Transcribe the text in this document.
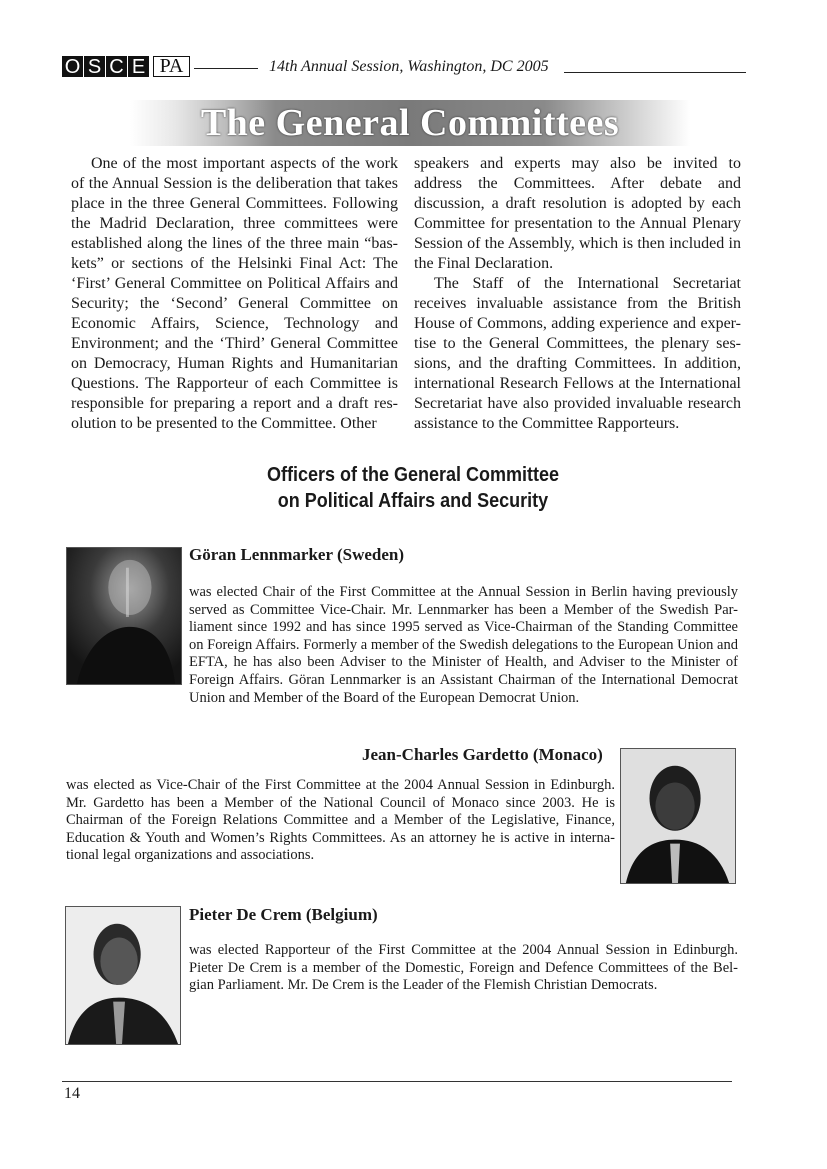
O S C E PA	14th Annual Session, Washington, DC 2005
The General Committees

One of the most important aspects of the work of the Annual Session is the deliberation that takes place in the three General Committees. Following the Madrid Declaration, three committees were established along the lines of the three main “bas-kets” or sections of the Helsinki Final Act: The ‘First’ General Committee on Political Affairs and Security; the ‘Second’ General Committee on Economic Affairs, Science, Technology and Environment; and the ‘Third’ General Committee on Democracy, Human Rights and Humanitarian Questions. The Rapporteur of each Committee is responsible for preparing a report and a draft res-olution to be presented to the Committee. Other

speakers and experts may also be invited to address the Committees. After debate and discussion, a draft resolution is adopted by each Committee for presentation to the Annual Plenary Session of the Assembly, which is then included in the Final Declaration.

The Staff of the International Secretariat receives invaluable assistance from the British House of Commons, adding experience and exper-tise to the General Committees, the plenary ses-sions, and the drafting Committees. In addition, international Research Fellows at the International Secretariat have also provided invaluable research assistance to the Committee Rapporteurs.

Officers of the General Committee
on Political Affairs and Security
Göran Lennmarker (Sweden)
was elected Chair of the First Committee at the Annual Session in Berlin having previously served as Committee Vice-Chair. Mr. Lennmarker has been a Member of the Swedish Par-liament since 1992 and has since 1995 served as Vice-Chairman of the Standing Committee on Foreign Affairs. Formerly a member of the Swedish delegations to the European Union and EFTA, he has also been Adviser to the Minister of Health, and Adviser to the Minister of Foreign Affairs. Göran Lennmarker is an Assistant Chairman of the International Democrat Union and Member of the Board of the European Democrat Union.
Jean-Charles Gardetto (Monaco)
was elected as Vice-Chair of the First Committee at the 2004 Annual Session in Edinburgh. Mr. Gardetto has been a Member of the National Council of Monaco since 2003. He is Chairman of the Foreign Relations Committee and a Member of the Legislative, Finance, Education & Youth and Women’s Rights Committees. As an attorney he is active in interna-tional legal organizations and associations.
Pieter De Crem (Belgium)
was elected Rapporteur of the First Committee at the 2004 Annual Session in Edinburgh. Pieter De Crem is a member of the Domestic, Foreign and Defence Committees of the Bel-gian Parliament. Mr. De Crem is the Leader of the Flemish Christian Democrats.
14
